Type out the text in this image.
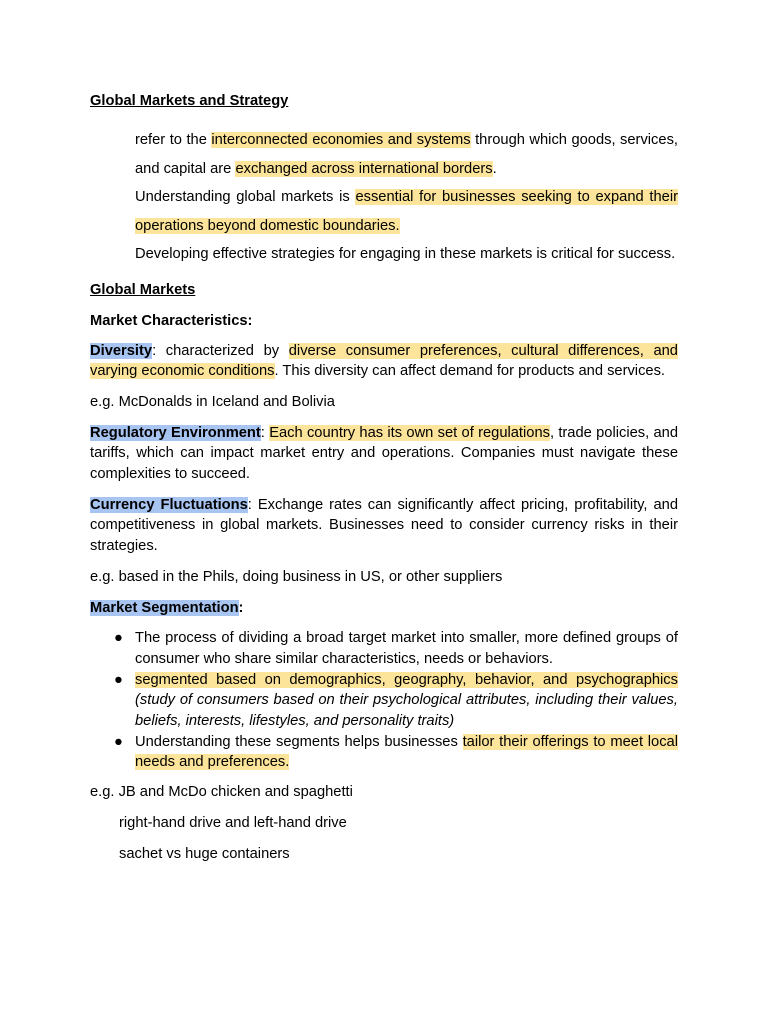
Global Markets and Strategy
refer to the interconnected economies and systems through which goods, services, and capital are exchanged across international borders.
Understanding global markets is essential for businesses seeking to expand their operations beyond domestic boundaries.
Developing effective strategies for engaging in these markets is critical for success.
Global Markets
Market Characteristics:

Diversity: characterized by diverse consumer preferences, cultural differences, and varying economic conditions. This diversity can affect demand for products and services.

e.g. McDonalds in Iceland and Bolivia

Regulatory Environment: Each country has its own set of regulations, trade policies, and tariffs, which can impact market entry and operations. Companies must navigate these complexities to succeed.

Currency Fluctuations: Exchange rates can significantly affect pricing, profitability, and competitiveness in global markets. Businesses need to consider currency risks in their strategies.

e.g. based in the Phils, doing business in US, or other suppliers

Market Segmentation:

● The process of dividing a broad target market into smaller, more defined groups of consumer who share similar characteristics, needs or behaviors.
● segmented based on demographics, geography, behavior, and psychographics (study of consumers based on their psychological attributes, including their values, beliefs, interests, lifestyles, and personality traits)
● Understanding these segments helps businesses tailor their offerings to meet local needs and preferences.

e.g. JB and McDo chicken and spaghetti

right-hand drive and left-hand drive
sachet vs huge containers
